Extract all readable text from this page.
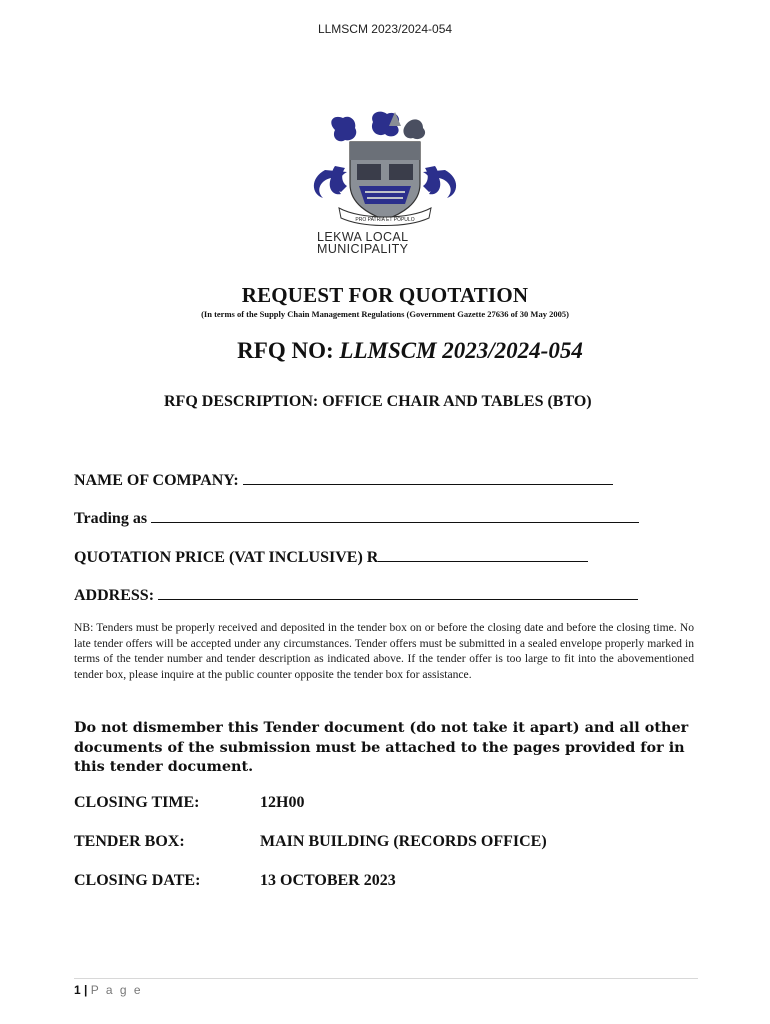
LLMSCM 2023/2024-054
PRO PATRIA ET POPULO
LEKWA LOCAL
MUNICIPALITY
REQUEST FOR QUOTATION
(In terms of the Supply Chain Management Regulations (Government Gazette 27636 of 30 May 2005)
RFQ NO: LLMSCM 2023/2024-054
RFQ DESCRIPTION: OFFICE CHAIR AND TABLES (BTO)
NAME OF COMPANY:
Trading as
QUOTATION PRICE (VAT INCLUSIVE) R
ADDRESS:
NB: Tenders must be properly received and deposited in the tender box on or before the closing date and before the closing time. No late tender offers will be accepted under any circumstances. Tender offers must be submitted in a sealed envelope properly marked in terms of the tender number and tender description as indicated above. If the tender offer is too large to fit into the abovementioned tender box, please inquire at the public counter opposite the tender box for assistance.
Do not dismember this Tender document (do not take it apart) and all other documents of the submission must be attached to the pages provided for in this tender document.
CLOSING TIME:	12H00
TENDER BOX:	MAIN BUILDING (RECORDS OFFICE)
CLOSING DATE:	13 OCTOBER 2023
1 | P a g e
